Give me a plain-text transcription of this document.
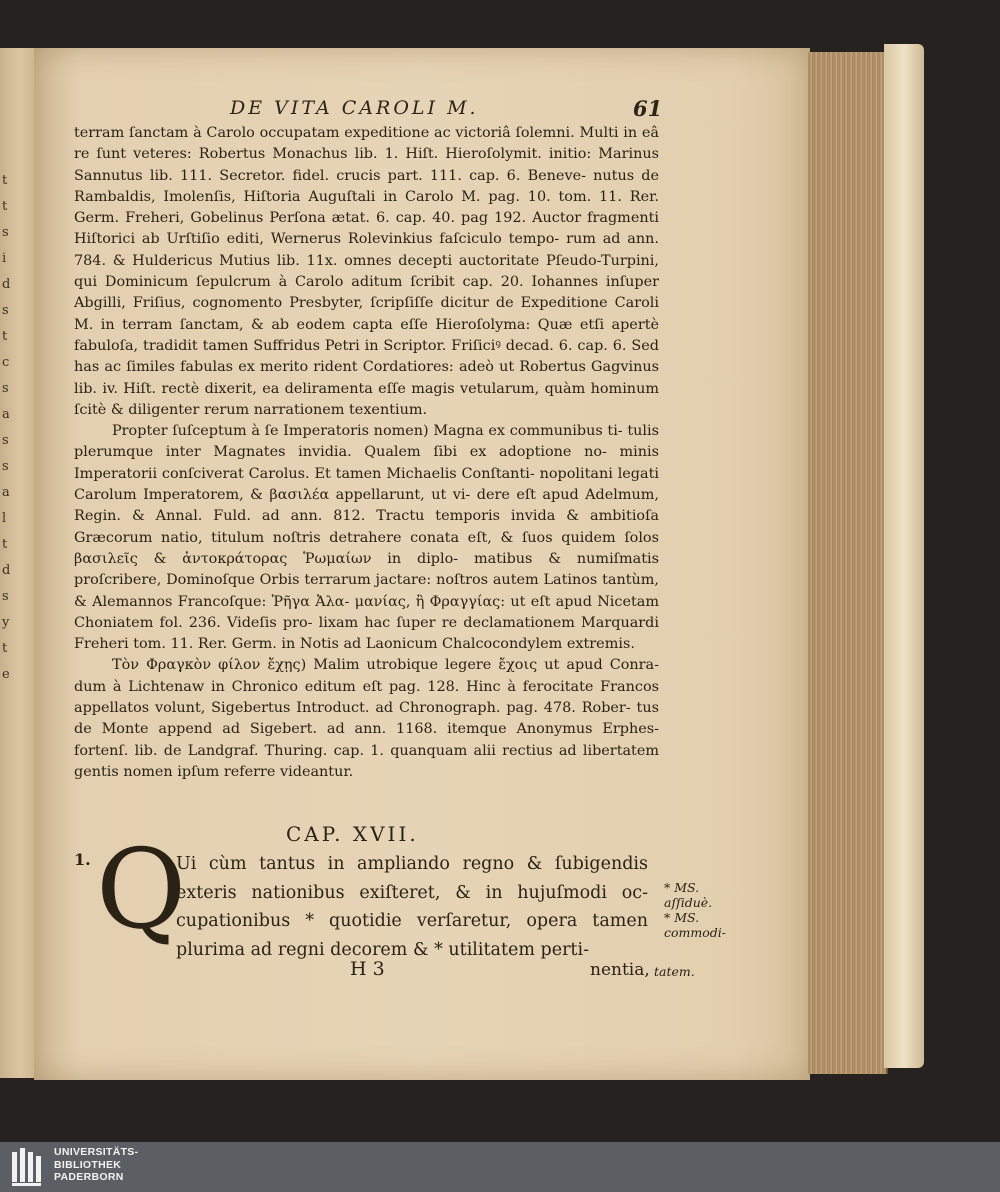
t
t
s
i
d
s
t
c
s
a
s
s
a
l
t
d
s
y
t
e
DE VITA CAROLI M.	61

terram ſanctam à Carolo occupatam expeditione ac victoriâ ſolemni. Multi in eâ re ſunt veteres: Robertus Monachus lib. 1. Hiſt. Hieroſolymit. initio: Marinus Sannutus lib. 111. Secretor. fidel. crucis part. 111. cap. 6. Beneve- nutus de Rambaldis, Imolenſis, Hiſtoria Auguſtali in Carolo M. pag. 10. tom. 11. Rer. Germ. Freheri, Gobelinus Perſona ætat. 6. cap. 40. pag 192. Auctor fragmenti Hiſtorici ab Urſtiſio editi, Wernerus Rolevinkius faſciculo tempo- rum ad ann. 784. & Huldericus Mutius lib. 11x. omnes decepti auctoritate Pſeudo-Turpini, qui Dominicum ſepulcrum à Carolo aditum ſcribit cap. 20. Iohannes inſuper Abgilli, Friſius, cognomento Presbyter, ſcripſiſſe dicitur de Expeditione Caroli M. in terram ſanctam, & ab eodem capta eſſe Hieroſolyma: Quæ etſi apertè fabuloſa, tradidit tamen Suffridus Petri in Scriptor. Friſiciꝰ decad. 6. cap. 6. Sed has ac ſimiles fabulas ex merito rident Cordatiores: adeò ut Robertus Gagvinus lib. iv. Hiſt. rectè dixerit, ea deliramenta eſſe magis vetularum, quàm hominum ſcitè & diligenter rerum narrationem texentium.

Propter ſuſceptum à ſe Imperatoris nomen) Magna ex communibus ti- tulis plerumque inter Magnates invidia. Qualem ſibi ex adoptione no- minis Imperatorii conſciverat Carolus. Et tamen Michaelis Conſtanti- nopolitani legati Carolum Imperatorem, & βασιλέα appellarunt, ut vi- dere eſt apud Adelmum, Regin. & Annal. Fuld. ad ann. 812. Tractu temporis invida & ambitioſa Græcorum natio, titulum noſtris detrahere conata eſt, & ſuos quidem ſolos βασιλεῖς & ἀντοκράτορας Ῥωμαίων in diplo- matibus & numiſmatis proſcribere, Dominoſque Orbis terrarum jactare: noſtros autem Latinos tantùm, & Alemannos Francoſque: Ῥῆγα Ἀλα- μανίας, ἢ Φραγγίας: ut eſt apud Nicetam Choniatem fol. 236. Videſis pro- lixam hac ſuper re declamationem Marquardi Freheri tom. 11. Rer. Germ. in Notis ad Laonicum Chalcocondylem extremis.

Τὸν Φραγκὸν φίλον ἔχῃς) Malim utrobique legere ἔχοις ut apud Conra- dum à Lichtenaw in Chronico editum eſt pag. 128. Hinc à ferocitate Francos appellatos volunt, Sigebertus Introduct. ad Chronograph. pag. 478. Rober- tus de Monte append ad Sigebert. ad ann. 1168. itemque Anonymus Erphes- fortenſ. lib. de Landgraf. Thuring. cap. 1. quanquam alii rectius ad libertatem gentis nomen ipſum referre videantur.

CAP. XVII.
1. Q
Ui cùm tantus in ampliando regno & ſubigendis exteris nationibus exiſteret, & in hujuſmodi oc- cupationibus * quotidie verſaretur, opera tamen plurima ad regni decorem & * utilitatem perti-
* MS.
aſſiduè.
* MS.
commodi-
H 3	nentia, tatem.
UNIVERSITÄTS-
BIBLIOTHEK
PADERBORN
